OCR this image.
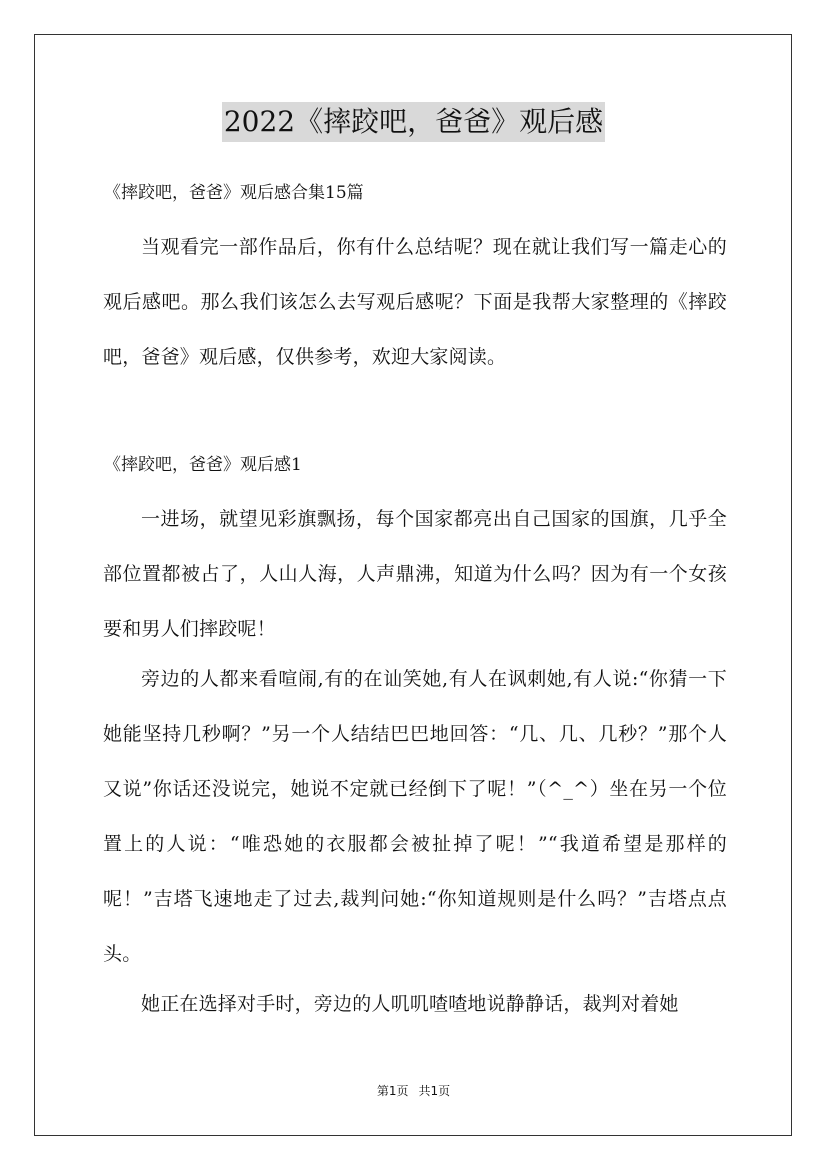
2022《摔跤吧，爸爸》观后感
《摔跤吧，爸爸》观后感合集15篇
当观看完一部作品后，你有什么总结呢？现在就让我们写一篇走心的观后感吧。那么我们该怎么去写观后感呢？下面是我帮大家整理的《摔跤吧，爸爸》观后感，仅供参考，欢迎大家阅读。
《摔跤吧，爸爸》观后感1
一进场，就望见彩旗飘扬，每个国家都亮出自己国家的国旗，几乎全部位置都被占了，人山人海，人声鼎沸，知道为什么吗？因为有一个女孩要和男人们摔跤呢！
旁边的人都来看喧闹,有的在讪笑她,有人在讽刺她,有人说:“你猜一下她能坚持几秒啊？”另一个人结结巴巴地回答：“几、几、几秒？”那个人又说”你话还没说完，她说不定就已经倒下了呢！”（^_^）坐在另一个位置上的人说：“唯恐她的衣服都会被扯掉了呢！”“我道希望是那样的呢！”吉塔飞速地走了过去,裁判问她:“你知道规则是什么吗？”吉塔点点头。
她正在选择对手时，旁边的人叽叽喳喳地说静静话，裁判对着她
第1页 共1页
